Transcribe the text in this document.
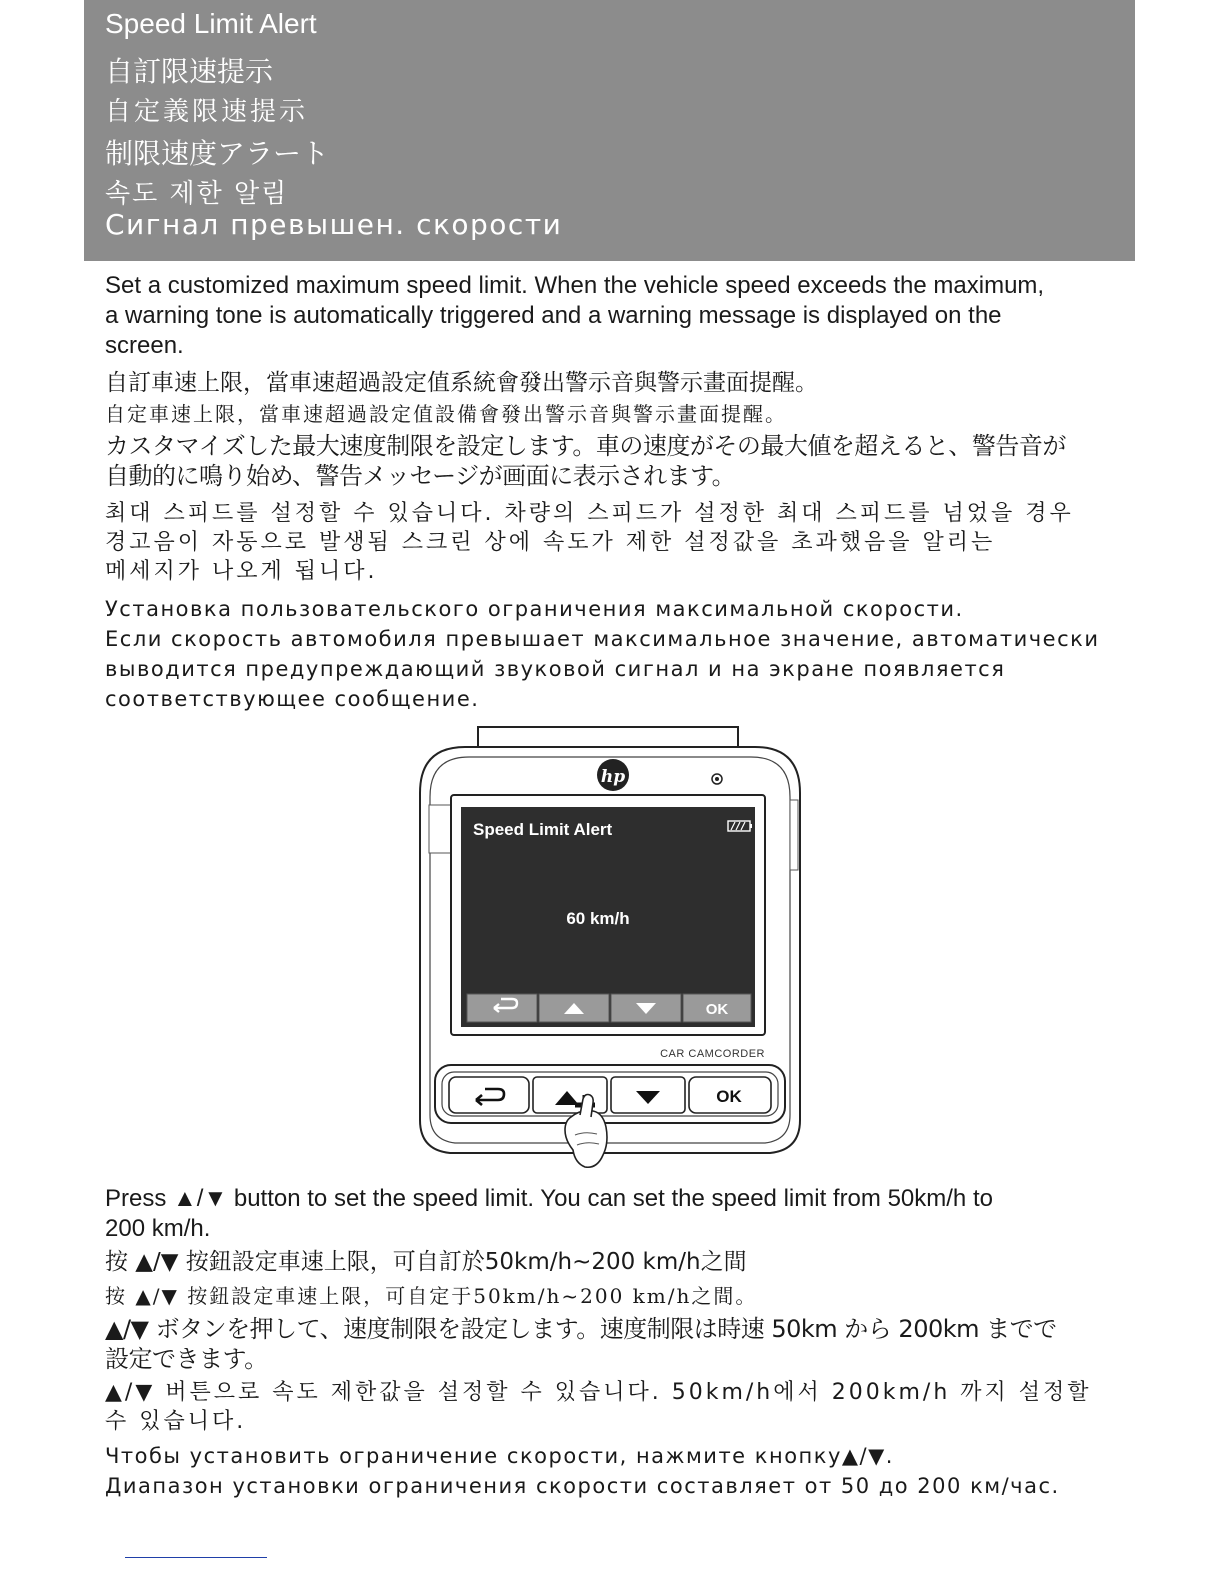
Speed Limit Alert
自訂限速提示
自定義限速提示
制限速度アラート
속도 제한 알림
Сигнал превышен. скорости
Set a customized maximum speed limit. When the vehicle speed exceeds the maximum,
a warning tone is automatically triggered and a warning message is displayed on the
screen.
自訂車速上限，當車速超過設定值系統會發出警示音與警示畫面提醒。
自定車速上限，當車速超過設定值設備會發出警示音與警示畫面提醒。
カスタマイズした最大速度制限を設定します。車の速度がその最大値を超えると、警告音が
自動的に鳴り始め、警告メッセージが画面に表示されます。
최대 스피드를 설정할 수 있습니다. 차량의 스피드가 설정한 최대 스피드를 넘었을 경우
경고음이 자동으로 발생됨 스크린 상에 속도가 제한 설정값을 초과했음을 알리는
메세지가 나오게 됩니다.
Установка пользовательского ограничения максимальной скорости.
Если скорость автомобиля превышает максимальное значение, автоматически
выводится предупреждающий звуковой сигнал и на экране появляется
соответствующее сообщение.
hp
Speed Limit Alert
60 km/h
OK
CAR CAMCORDER
OK
Press ▲/▼ button to set the speed limit. You can set the speed limit from 50km/h to
200 km/h.
按 ▲/▼ 按鈕設定車速上限，可自訂於50km/h~200 km/h之間
按 ▲/▼ 按鈕設定車速上限，可自定于50km/h~200 km/h之間。
▲/▼ ボタンを押して、速度制限を設定します。速度制限は時速 50km から 200km までで
設定できます。
▲/▼ 버튼으로 속도 제한값을 설정할 수 있습니다. 50km/h에서 200km/h 까지 설정할
수 있습니다.
Чтобы установить ограничение скорости, нажмите кнопку▲/▼.
Диапазон установки ограничения скорости составляет от 50 до 200 км/час.
